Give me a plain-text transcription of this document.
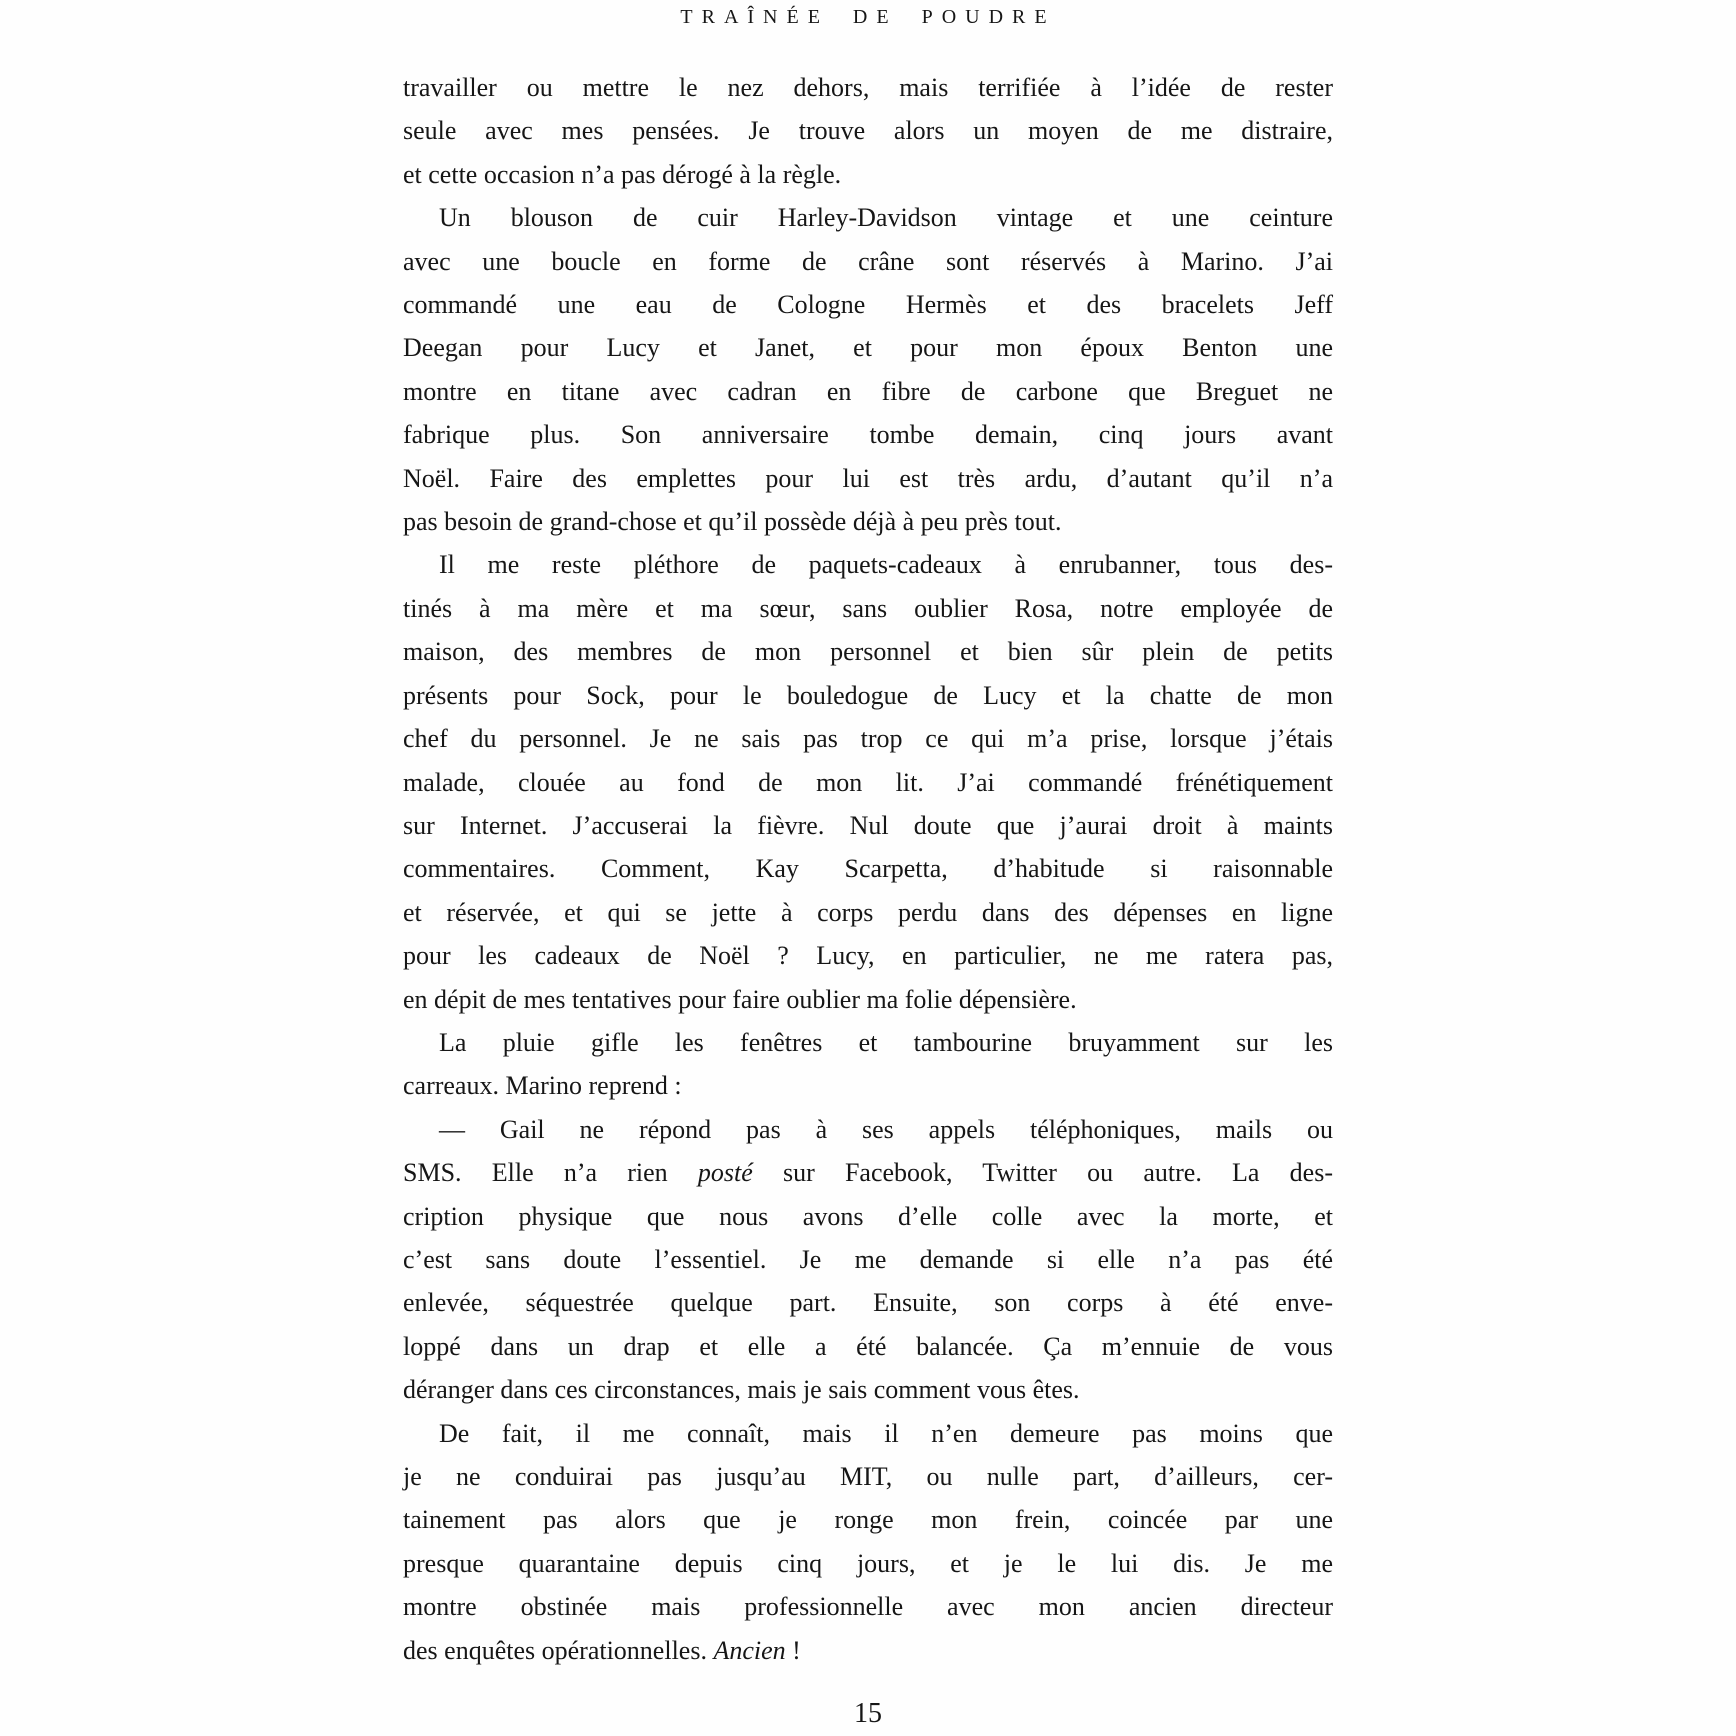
TRAÎNÉE DE POUDRE
travailler ou mettre le nez dehors, mais terrifiée à l’idée de rester
seule avec mes pensées. Je trouve alors un moyen de me distraire,
et cette occasion n’a pas dérogé à la règle.
Un blouson de cuir Harley-Davidson vintage et une ceinture
avec une boucle en forme de crâne sont réservés à Marino. J’ai
commandé une eau de Cologne Hermès et des bracelets Jeff
Deegan pour Lucy et Janet, et pour mon époux Benton une
montre en titane avec cadran en fibre de carbone que Breguet ne
fabrique plus. Son anniversaire tombe demain, cinq jours avant
Noël. Faire des emplettes pour lui est très ardu, d’autant qu’il n’a
pas besoin de grand-chose et qu’il possède déjà à peu près tout.
Il me reste pléthore de paquets-cadeaux à enrubanner, tous des-
tinés à ma mère et ma sœur, sans oublier Rosa, notre employée de
maison, des membres de mon personnel et bien sûr plein de petits
présents pour Sock, pour le bouledogue de Lucy et la chatte de mon
chef du personnel. Je ne sais pas trop ce qui m’a prise, lorsque j’étais
malade, clouée au fond de mon lit. J’ai commandé frénétiquement
sur Internet. J’accuserai la fièvre. Nul doute que j’aurai droit à maints
commentaires. Comment, Kay Scarpetta, d’habitude si raisonnable
et réservée, et qui se jette à corps perdu dans des dépenses en ligne
pour les cadeaux de Noël ? Lucy, en particulier, ne me ratera pas,
en dépit de mes tentatives pour faire oublier ma folie dépensière.
La pluie gifle les fenêtres et tambourine bruyamment sur les
carreaux. Marino reprend :
— Gail ne répond pas à ses appels téléphoniques, mails ou
SMS. Elle n’a rien posté sur Facebook, Twitter ou autre. La des-
cription physique que nous avons d’elle colle avec la morte, et
c’est sans doute l’essentiel. Je me demande si elle n’a pas été
enlevée, séquestrée quelque part. Ensuite, son corps à été enve-
loppé dans un drap et elle a été balancée. Ça m’ennuie de vous
déranger dans ces circonstances, mais je sais comment vous êtes.
De fait, il me connaît, mais il n’en demeure pas moins que
je ne conduirai pas jusqu’au MIT, ou nulle part, d’ailleurs, cer-
tainement pas alors que je ronge mon frein, coincée par une
presque quarantaine depuis cinq jours, et je le lui dis. Je me
montre obstinée mais professionnelle avec mon ancien directeur
des enquêtes opérationnelles. Ancien !
15
